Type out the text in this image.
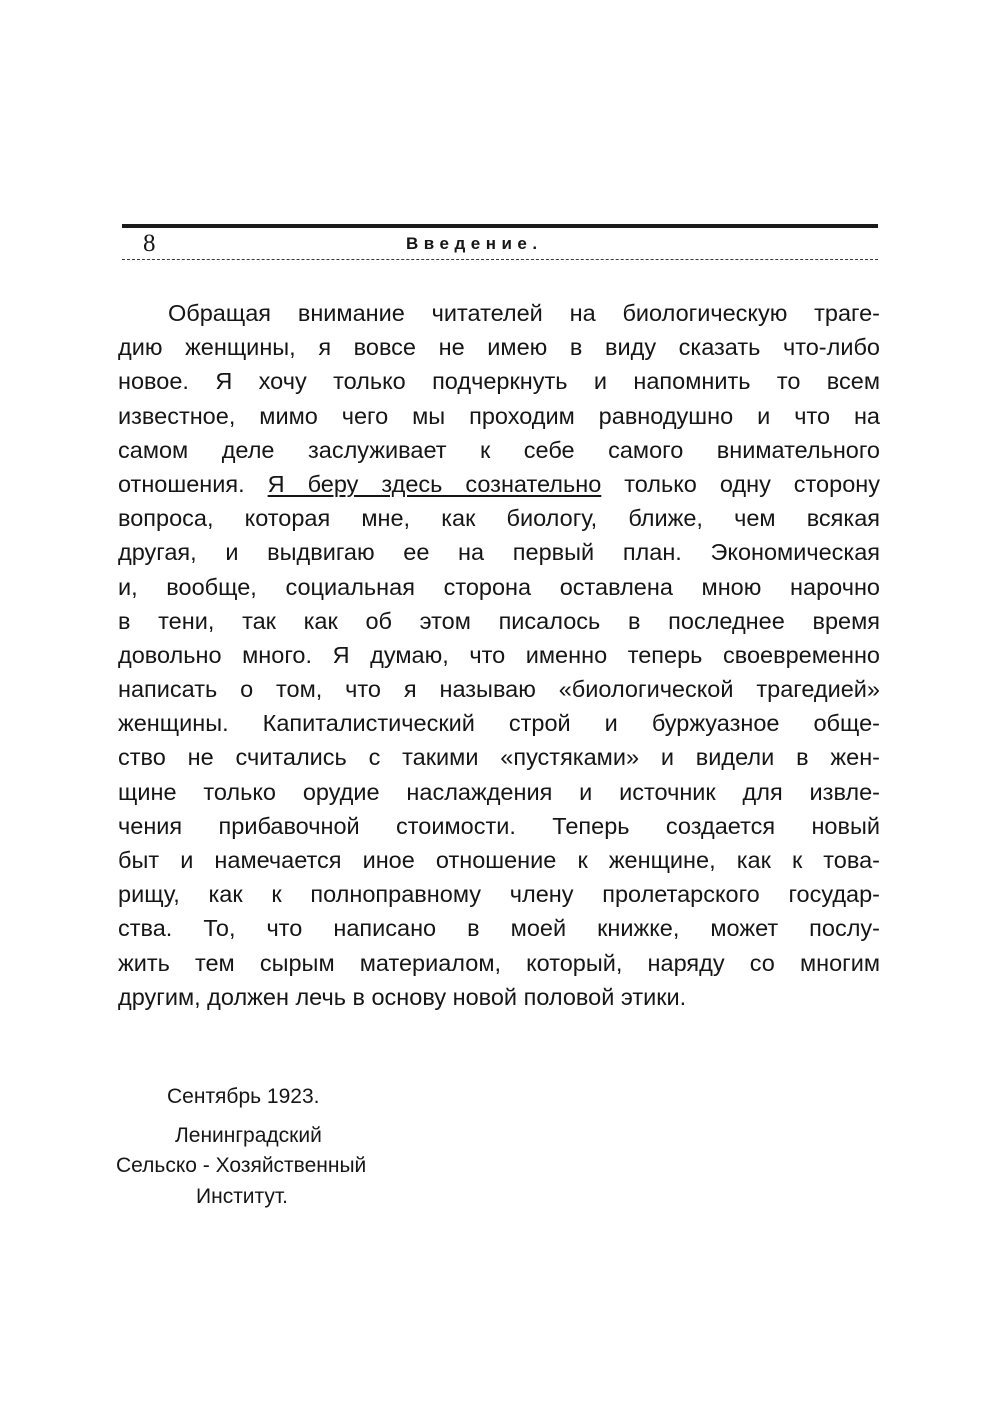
8	Введение.
Обращая внимание читателей на биологическую траге-
дию женщины, я вовсе не имею в виду сказать что-либо
новое. Я хочу только подчеркнуть и напомнить то всем
известное, мимо чего мы проходим равнодушно и что на
самом деле заслуживает к себе самого внимательного
отношения. Я беру здесь сознательно только одну сторону
вопроса, которая мне, как биологу, ближе, чем всякая
другая, и выдвигаю ее на первый план. Экономическая
и, вообще, социальная сторона оставлена мною нарочно
в тени, так как об этом писалось в последнее время
довольно много. Я думаю, что именно теперь своевременно
написать о том, что я называю «биологической трагедией»
женщины. Капиталистический строй и буржуазное обще-
ство не считались с такими «пустяками» и видели в жен-
щине только орудие наслаждения и источник для извле-
чения прибавочной стоимости. Теперь создается новый
быт и намечается иное отношение к женщине, как к това-
рищу, как к полноправному члену пролетарского государ-
ства. То, что написано в моей книжке, может послу-
жить тем сырым материалом, который, наряду со многим
другим, должен лечь в основу новой половой этики.
Сентябрь 1923.
Ленинградский
Сельско - Хозяйственный
Институт.
